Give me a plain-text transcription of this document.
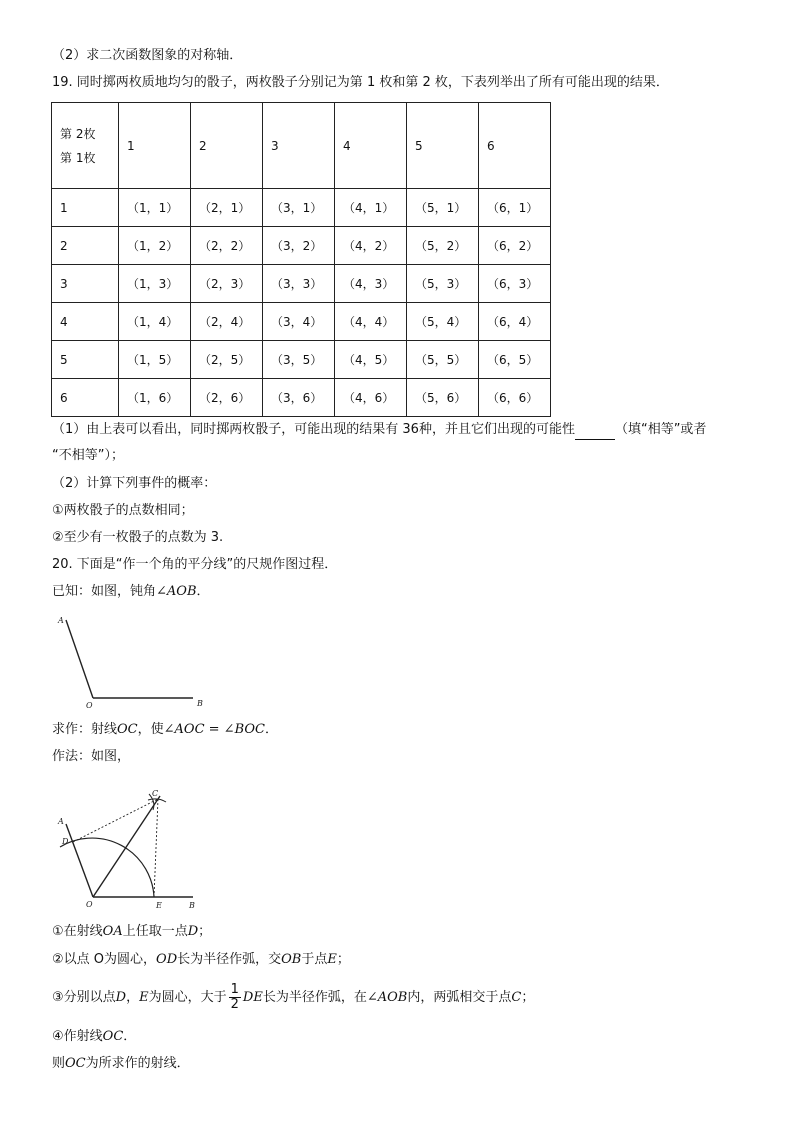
（2）求二次函数图象的对称轴．
19. 同时掷两枚质地均匀的骰子，两枚骰子分别记为第 1 枚和第 2 枚，下表列举出了所有可能出现的结果．
第 2枚
第 1枚	1	2	3	4	5	6
1	（1，1）	（2，1）	（3，1）	（4，1）	（5，1）	（6，1）
2	（1，2）	（2，2）	（3，2）	（4，2）	（5，2）	（6，2）
3	（1，3）	（2，3）	（3，3）	（4，3）	（5，3）	（6，3）
4	（1，4）	（2，4）	（3，4）	（4，4）	（5，4）	（6，4）
5	（1，5）	（2，5）	（3，5）	（4，5）	（5，5）	（6，5）
6	（1，6）	（2，6）	（3，6）	（4，6）	（5，6）	（6，6）
（1）由上表可以看出，同时掷两枚骰子，可能出现的结果有 36种，并且它们出现的可能性	（填“相等”或者
“不相等”）；
（2）计算下列事件的概率：
①两枚骰子的点数相同；
②至少有一枚骰子的点数为 3.
20. 下面是“作一个角的平分线”的尺规作图过程．
已知：如图，钝角∠AOB．
A
O	B
求作：射线OC，使∠AOC = ∠BOC．
作法：如图，
A
C
D
O	E	B
①在射线OA上任取一点D；
②以点 O为圆心，OD长为半径作弧，交OB于点E；
③分别以点D，E为圆心，大于 $\frac{1}{2}$ DE长为半径作弧，在∠AOB内，两弧相交于点C；
④作射线OC．
则OC为所求作的射线．
